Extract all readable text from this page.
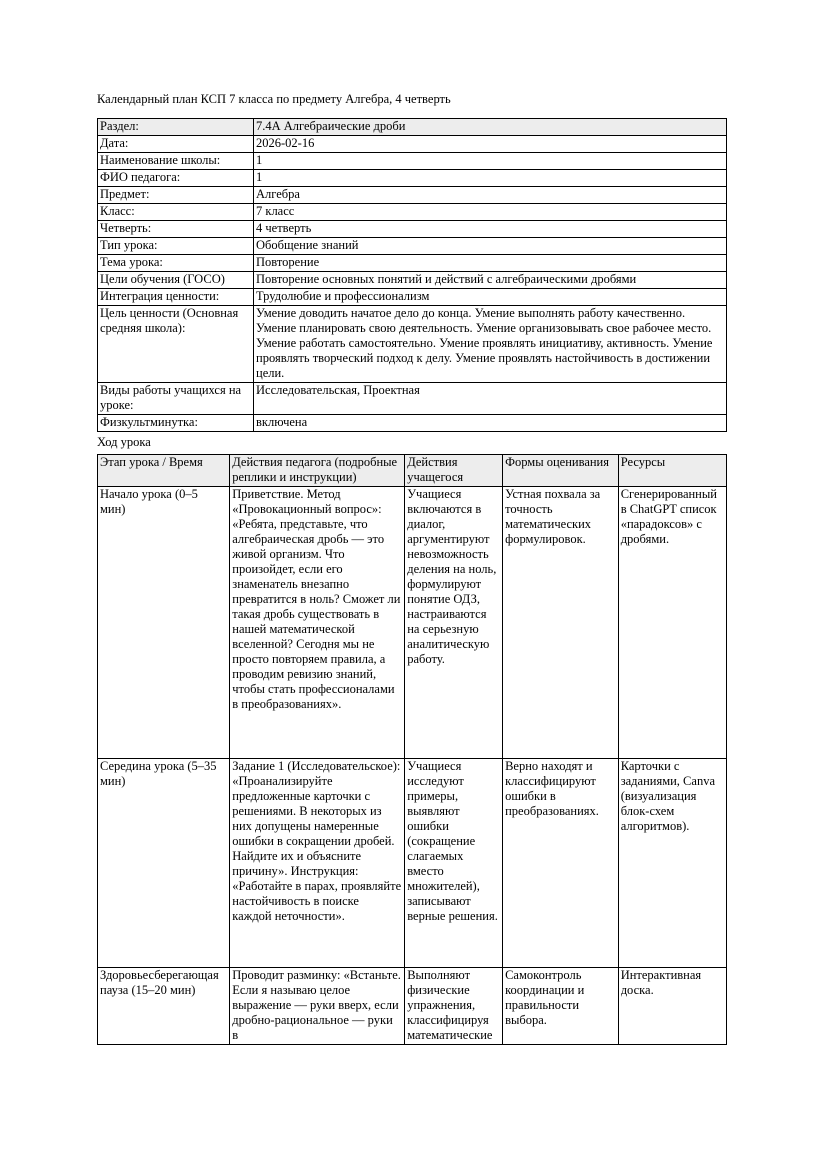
Календарный план КСП 7 класса по предмету Алгебра, 4 четверть
Раздел:	7.4А Алгебраические дроби
Дата:	2026-02-16
Наименование школы:	1
ФИО педагога:	1
Предмет:	Алгебра
Класс:	7 класс
Четверть:	4 четверть
Тип урока:	Обобщение знаний
Тема урока:	Повторение
Цели обучения (ГОСО)	Повторение основных понятий и действий с алгебраическими дробями
Интеграция ценности:	Трудолюбие и профессионализм
Цель ценности (Основная средняя школа):	Умение доводить начатое дело до конца. Умение выполнять работу качественно. Умение планировать свою деятельность. Умение организовывать свое рабочее место. Умение работать самостоятельно. Умение проявлять инициативу, активность. Умение проявлять творческий подход к делу. Умение проявлять настойчивость в достижении цели.
Виды работы учащихся на уроке:	Исследовательская, Проектная
Физкультминутка:	включена
Ход урока
Этап урока / Время	Действия педагога (подробные реплики и инструкции)	Действия учащегося	Формы оценивания	Ресурсы
Начало урока (0–5 мин)	Приветствие. Метод «Провокационный вопрос»: «Ребята, представьте, что алгебраическая дробь — это живой организм. Что произойдет, если его знаменатель внезапно превратится в ноль? Сможет ли такая дробь существовать в нашей математической вселенной? Сегодня мы не просто повторяем правила, а проводим ревизию знаний, чтобы стать профессионалами в преобразованиях».	Учащиеся включаются в диалог, аргументируют невозможность деления на ноль, формулируют понятие ОДЗ, настраиваются на серьезную аналитическую работу.	Устная похвала за точность математических формулировок.	Сгенерированный в ChatGPT список «парадоксов» с дробями.
Середина урока (5–35 мин)	Задание 1 (Исследовательское): «Проанализируйте предложенные карточки с решениями. В некоторых из них допущены намеренные ошибки в сокращении дробей. Найдите их и объясните причину». Инструкция: «Работайте в парах, проявляйте настойчивость в поиске каждой неточности».	Учащиеся исследуют примеры, выявляют ошибки (сокращение слагаемых вместо множителей), записывают верные решения.	Верно находят и классифицируют ошибки в преобразованиях.	Карточки с заданиями, Canva (визуализация блок-схем алгоритмов).

Здоровьесберегающая пауза (15–20 мин)	Проводит разминку: «Встаньте. Если я называю целое выражение — руки вверх, если дробно-рациональное — руки в	Выполняют физические упражнения, классифицируя математические	Самоконтроль координации и правильности выбора.	Интерактивная доска.
